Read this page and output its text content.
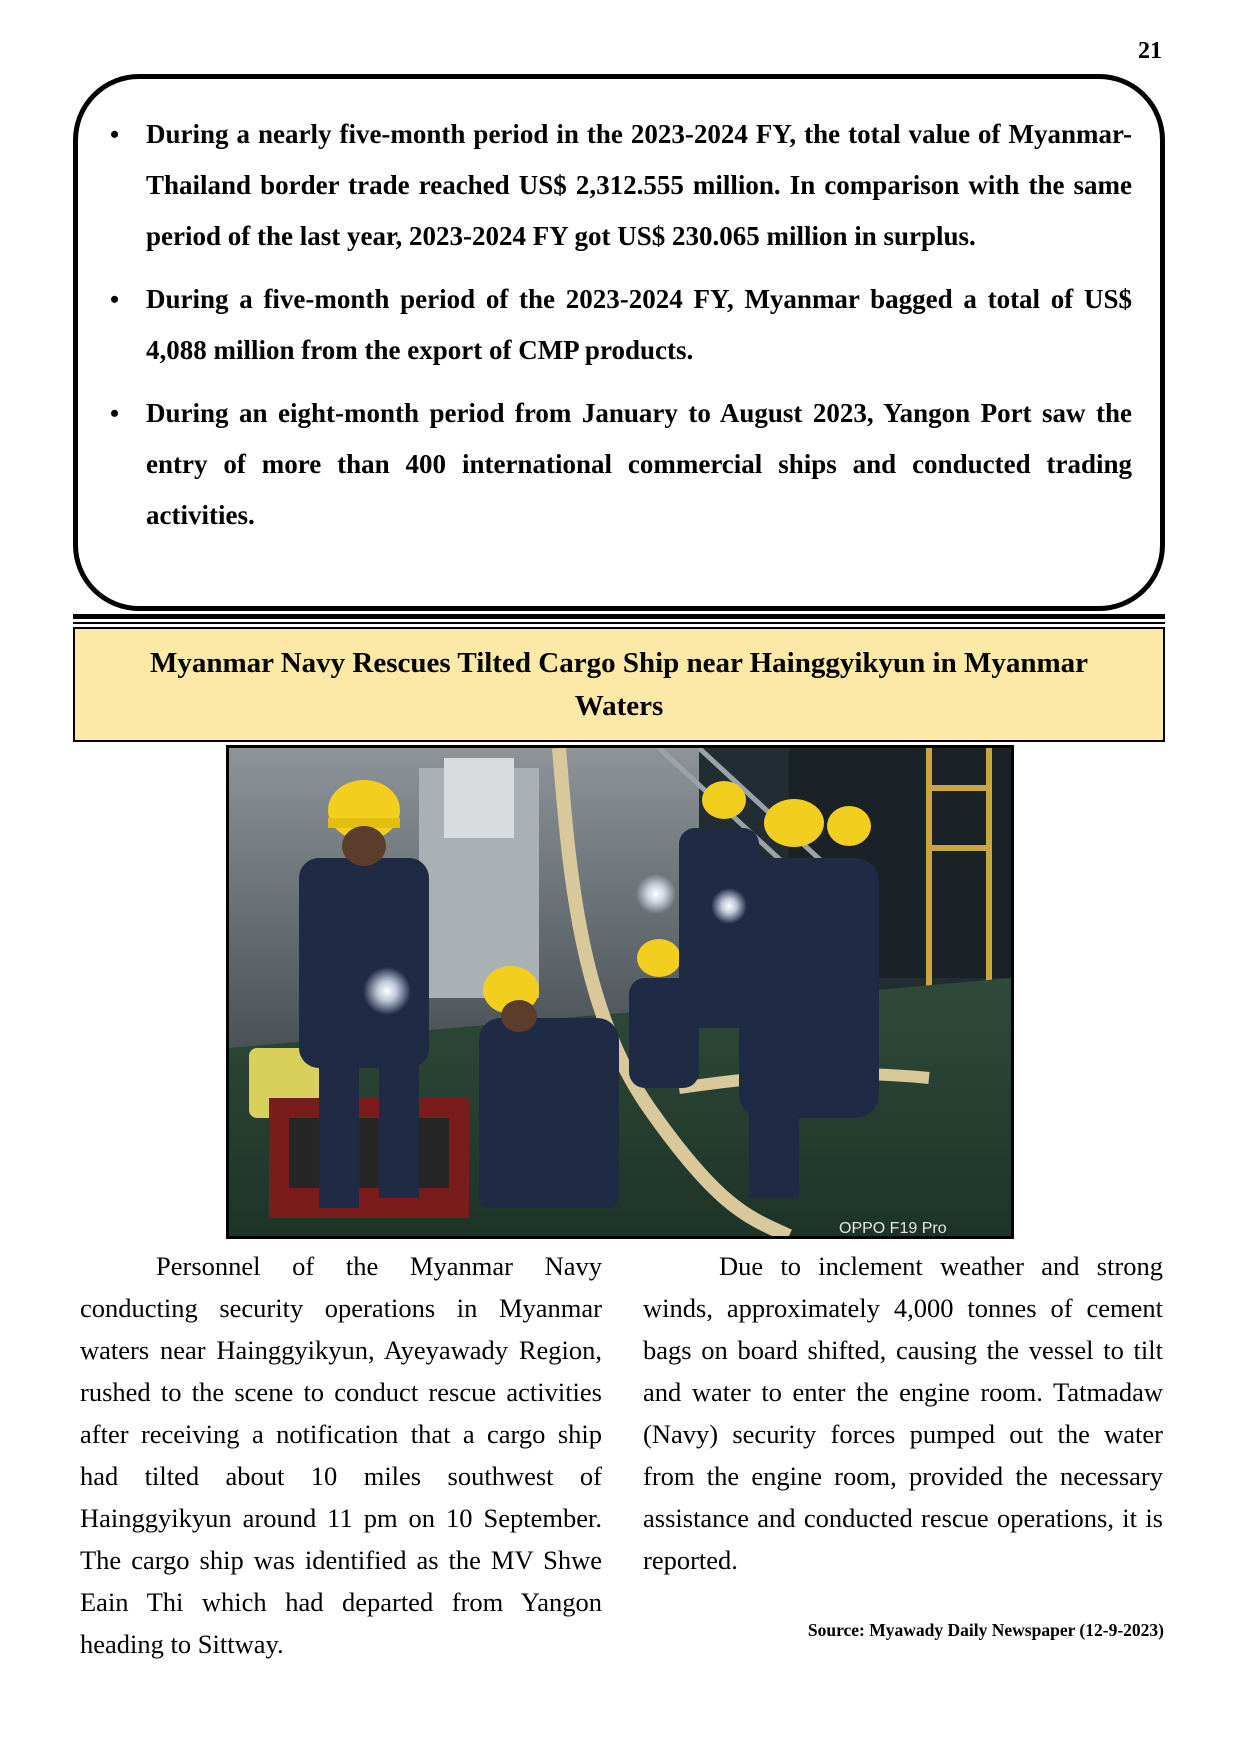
21
• During a nearly five-month period in the 2023-2024 FY, the total value of Myanmar-Thailand border trade reached US$ 2,312.555 million. In comparison with the same period of the last year, 2023-2024 FY got US$ 230.065 million in surplus.
• During a five-month period of the 2023-2024 FY, Myanmar bagged a total of US$ 4,088 million from the export of CMP products.
• During an eight-month period from January to August 2023, Yangon Port saw the entry of more than 400 international commercial ships and conducted trading activities.
Myanmar Navy Rescues Tilted Cargo Ship near Hainggyikyun in Myanmar Waters
OPPO F19 Pro

Personnel of the Myanmar Navy conducting security operations in Myanmar waters near Hainggyikyun, Ayeyawady Region, rushed to the scene to conduct rescue activities after receiving a notification that a cargo ship had tilted about 10 miles southwest of Hainggyikyun around 11 pm on 10 September. The cargo ship was identified as the MV Shwe Eain Thi which had departed from Yangon heading to Sittway.

Due to inclement weather and strong winds, approximately 4,000 tonnes of cement bags on board shifted, causing the vessel to tilt and water to enter the engine room. Tatmadaw (Navy) security forces pumped out the water from the engine room, provided the necessary assistance and conducted rescue operations, it is reported.

Source: Myawady Daily Newspaper (12-9-2023)
